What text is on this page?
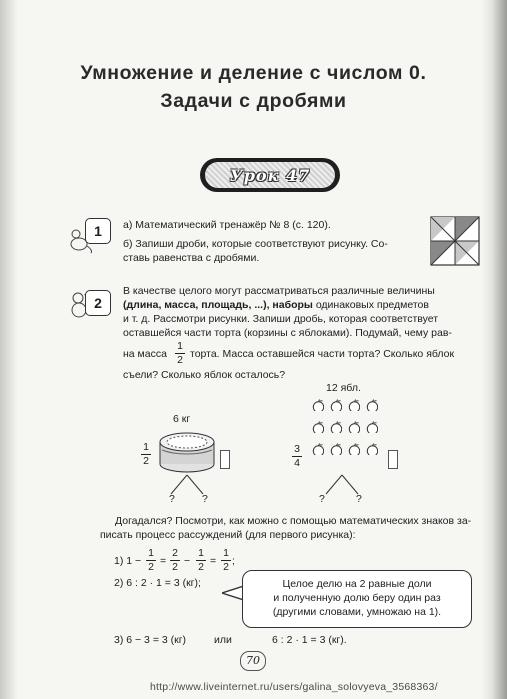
Умножение и деление с числом 0.
Задачи с дробями
Урок 47
1	а) Математический тренажёр № 8 (с. 120).
б) Запиши дроби, которые соответствуют рисунку. Со-
ставь равенства с дробями.
2
В качестве целого могут рассматриваться различные величины
(длина, масса, площадь, ...), наборы одинаковых предметов
и т. д. Рассмотри рисунки. Запиши дробь, которая соответствует
оставшейся части торта (корзины с яблоками). Подумай, чему рав-
на масса
1
2 торта. Масса оставшейся части торта? Сколько яблок
съели? Сколько яблок осталось?
6 кг
1
2
?	?
12 ябл.
3
4
?	?
Догадался? Посмотри, как можно с помощью математических знаков за-
писать процесс рассуждений (для первого рисунка):
1) 1 −
1
2 =
2
2 −
1
2 =
1
2 ;
2) 6 : 2 · 1 = 3 (кг);	Целое делю на 2 равные доли
и полученную долю беру один раз
(другими словами, умножаю на 1).
3) 6 − 3 = 3 (кг)	или	6 : 2 · 1 = 3 (кг).
70
http://www.liveinternet.ru/users/galina_solovyeva_3568363/
